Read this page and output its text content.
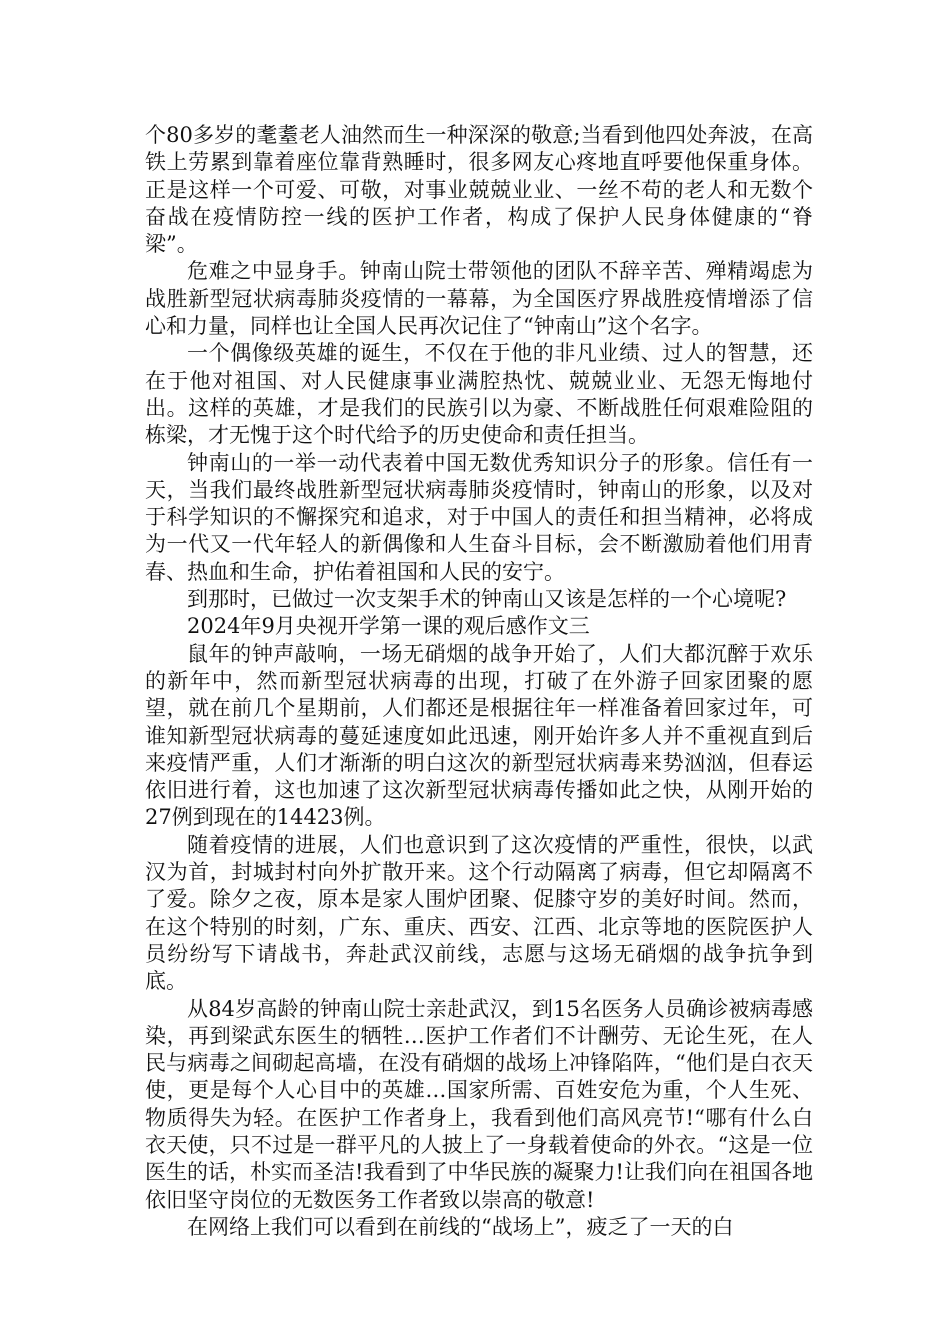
个80多岁的耄耋老人油然而生一种深深的敬意;当看到他四处奔波，在高铁上劳累到靠着座位靠背熟睡时，很多网友心疼地直呼要他保重身体。正是这样一个可爱、可敬，对事业兢兢业业、一丝不苟的老人和无数个奋战在疫情防控一线的医护工作者，构成了保护人民身体健康的“脊梁”。

危难之中显身手。钟南山院士带领他的团队不辞辛苦、殚精竭虑为战胜新型冠状病毒肺炎疫情的一幕幕，为全国医疗界战胜疫情增添了信心和力量，同样也让全国人民再次记住了“钟南山”这个名字。

一个偶像级英雄的诞生，不仅在于他的非凡业绩、过人的智慧，还在于他对祖国、对人民健康事业满腔热忱、兢兢业业、无怨无悔地付出。这样的英雄，才是我们的民族引以为豪、不断战胜任何艰难险阻的栋梁，才无愧于这个时代给予的历史使命和责任担当。

钟南山的一举一动代表着中国无数优秀知识分子的形象。信任有一天，当我们最终战胜新型冠状病毒肺炎疫情时，钟南山的形象，以及对于科学知识的不懈探究和追求，对于中国人的责任和担当精神，必将成为一代又一代年轻人的新偶像和人生奋斗目标，会不断激励着他们用青春、热血和生命，护佑着祖国和人民的安宁。

到那时，已做过一次支架手术的钟南山又该是怎样的一个心境呢?

2024年9月央视开学第一课的观后感作文三

鼠年的钟声敲响，一场无硝烟的战争开始了，人们大都沉醉于欢乐的新年中，然而新型冠状病毒的出现，打破了在外游子回家团聚的愿望，就在前几个星期前，人们都还是根据往年一样准备着回家过年，可谁知新型冠状病毒的蔓延速度如此迅速，刚开始许多人并不重视直到后来疫情严重，人们才渐渐的明白这次的新型冠状病毒来势汹汹，但春运依旧进行着，这也加速了这次新型冠状病毒传播如此之快，从刚开始的27例到现在的14423例。

随着疫情的进展，人们也意识到了这次疫情的严重性，很快，以武汉为首，封城封村向外扩散开来。这个行动隔离了病毒，但它却隔离不了爱。除夕之夜，原本是家人围炉团聚、促膝守岁的美好时间。然而，在这个特别的时刻，广东、重庆、西安、江西、北京等地的医院医护人员纷纷写下请战书，奔赴武汉前线，志愿与这场无硝烟的战争抗争到底。

从84岁高龄的钟南山院士亲赴武汉，到15名医务人员确诊被病毒感染，再到梁武东医生的牺牲…医护工作者们不计酬劳、无论生死，在人民与病毒之间砌起高墙，在没有硝烟的战场上冲锋陷阵，“他们是白衣天使，更是每个人心目中的英雄…国家所需、百姓安危为重，个人生死、物质得失为轻。在医护工作者身上，我看到他们高风亮节!“哪有什么白衣天使，只不过是一群平凡的人披上了一身载着使命的外衣。“这是一位医生的话，朴实而圣洁!我看到了中华民族的凝聚力!让我们向在祖国各地依旧坚守岗位的无数医务工作者致以崇高的敬意!

在网络上我们可以看到在前线的“战场上”，疲乏了一天的白
